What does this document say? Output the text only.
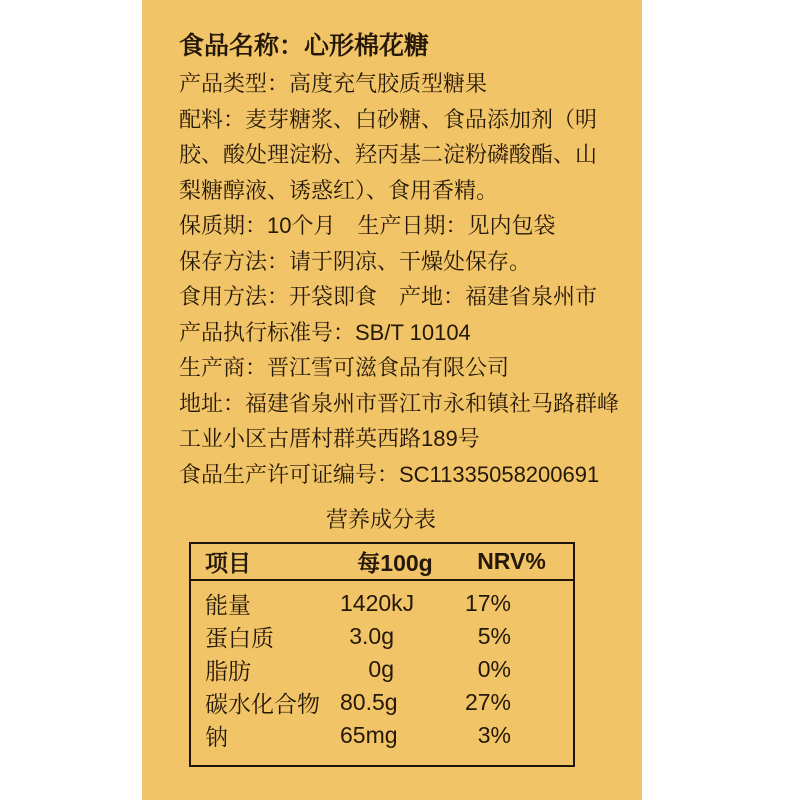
食品名称：心形棉花糖
产品类型：高度充气胶质型糖果
配料：麦芽糖浆、白砂糖、食品添加剂（明
胶、酸处理淀粉、羟丙基二淀粉磷酸酯、山
梨糖醇液、诱惑红）、食用香精。
保质期：10个月　生产日期：见内包袋
保存方法：请于阴凉、干燥处保存。
食用方法：开袋即食　产地：福建省泉州市
产品执行标准号：SB/T 10104
生产商：晋江雪可滋食品有限公司
地址：福建省泉州市晋江市永和镇社马路群峰
工业小区古厝村群英西路189号
食品生产许可证编号：SC11335058200691
营养成分表
项目	每100g	NRV%
能量	1420kJ	17%
蛋白质	3.0g	5%
脂肪	0g	0%
碳水化合物	80.5g	27%
钠	65mg	3%
